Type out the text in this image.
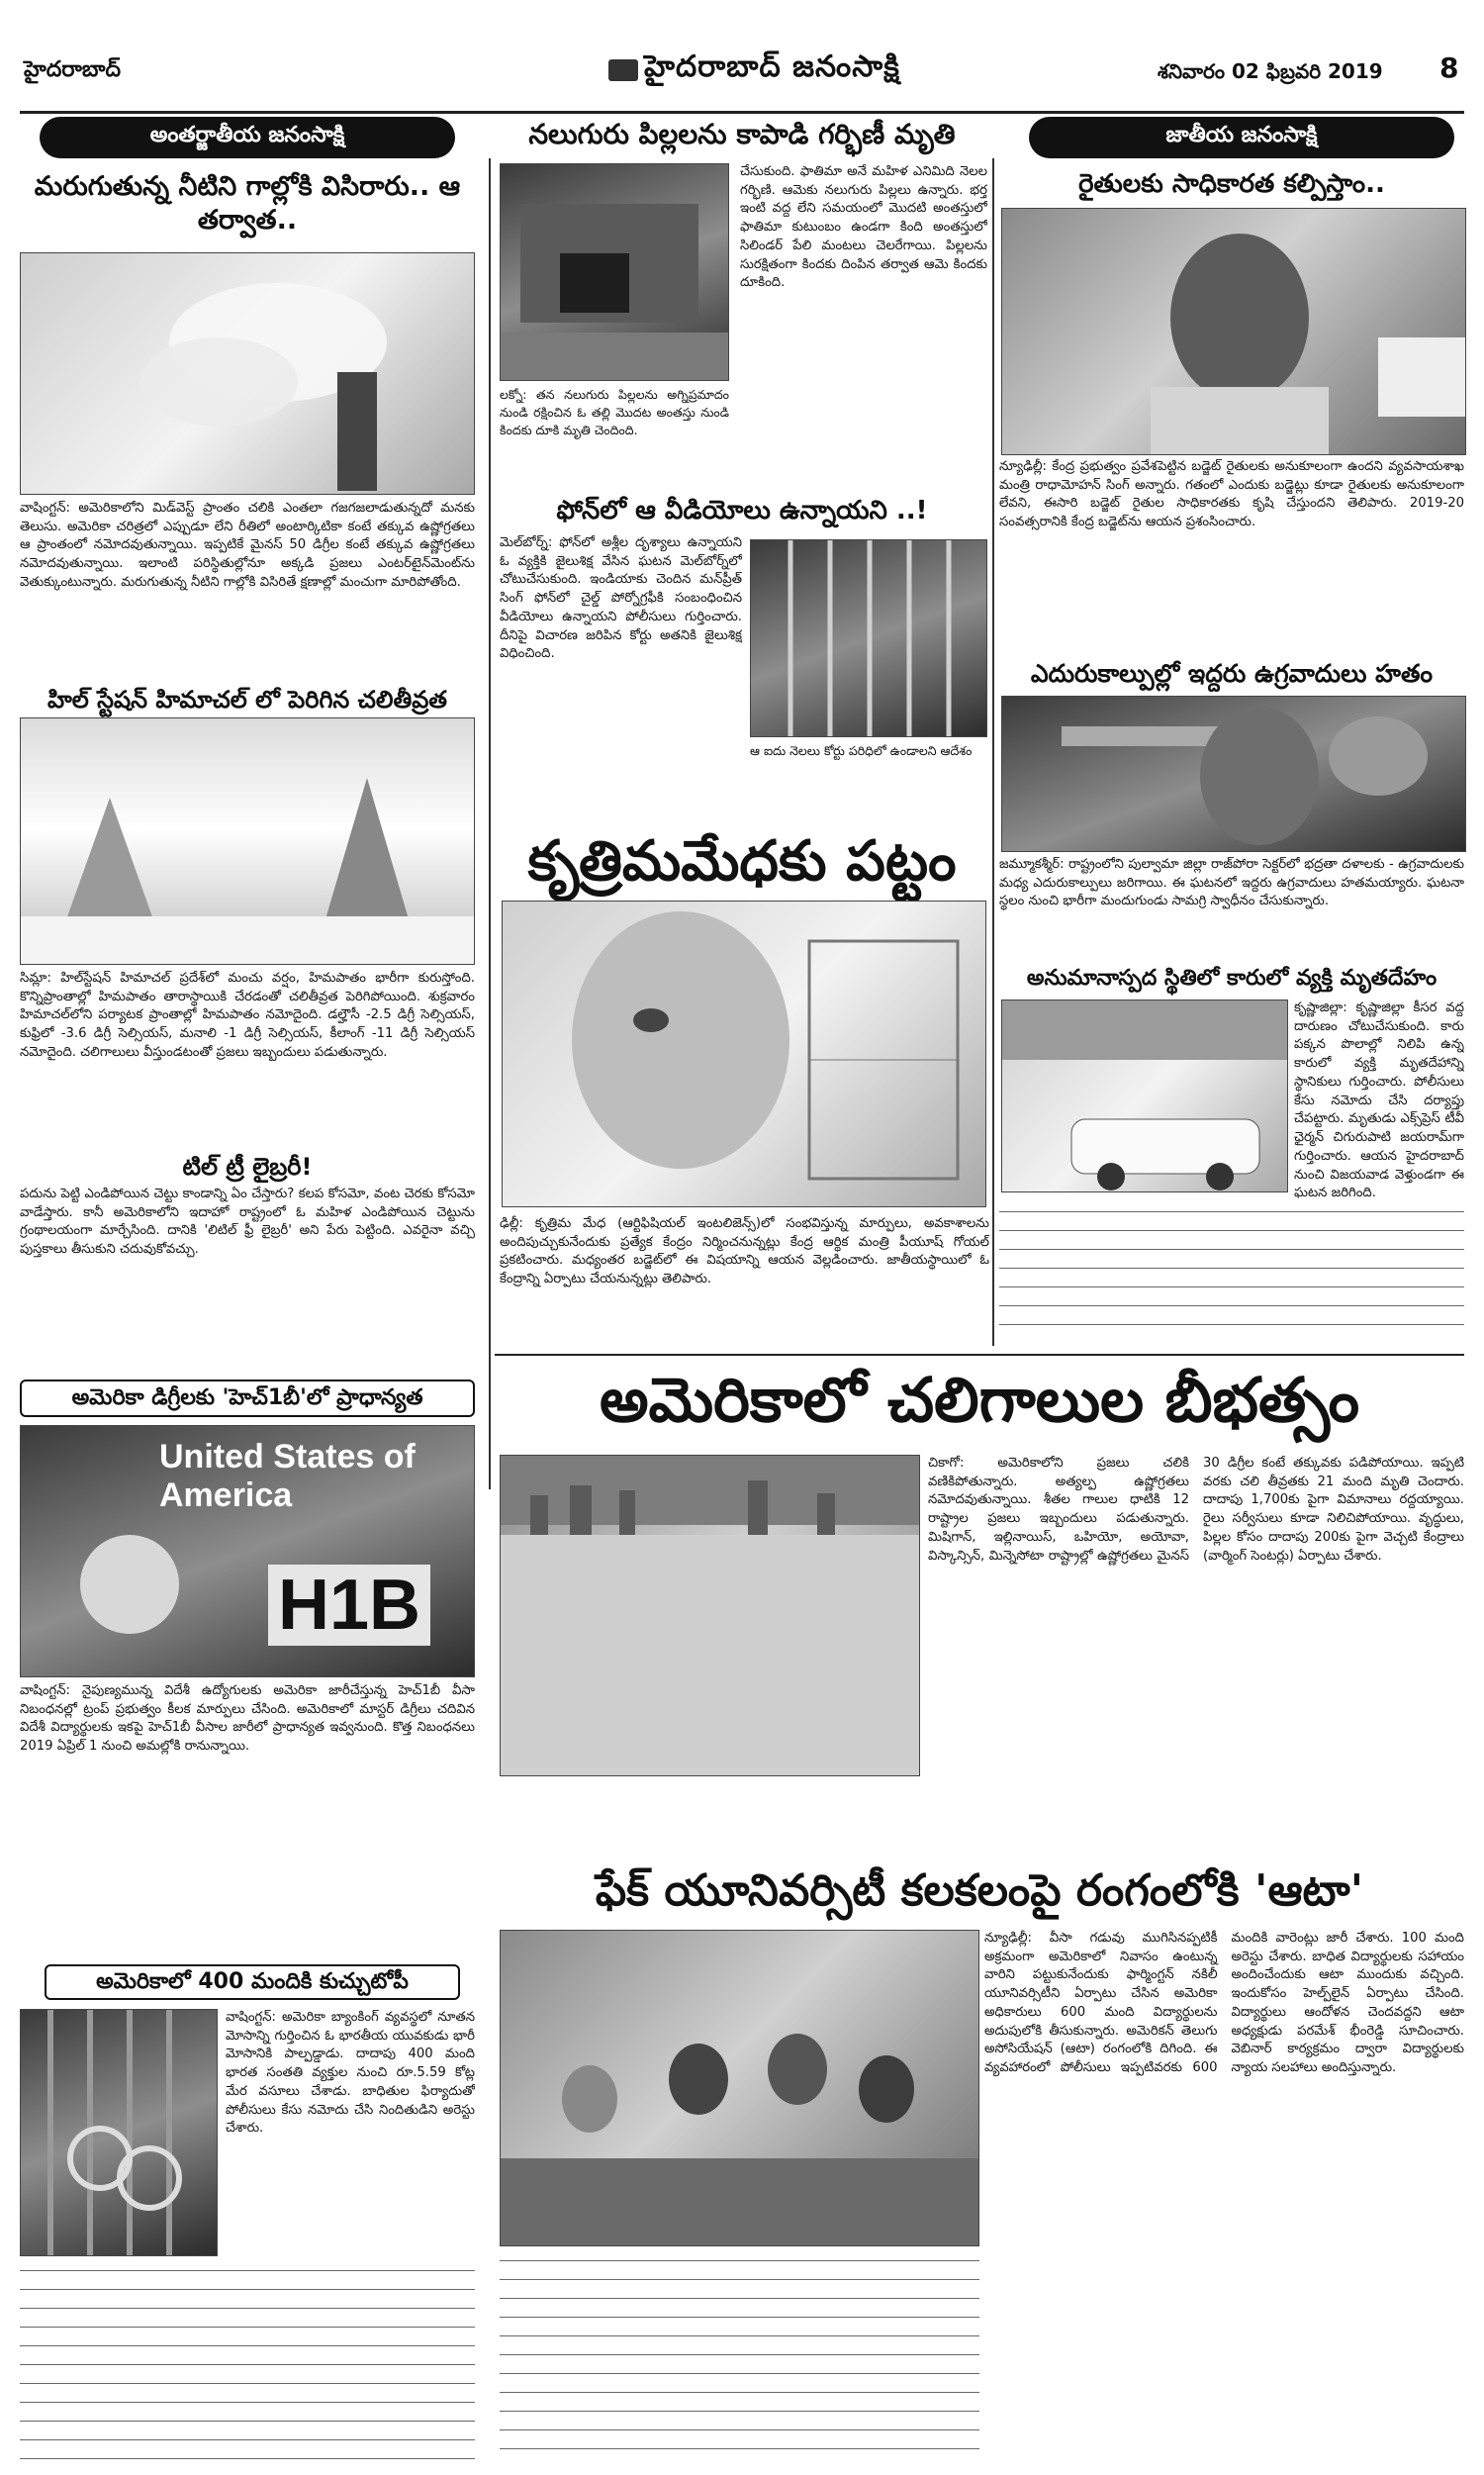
హైదరాబాద్	హైదరాబాద్ జనంసాక్షి	శనివారం 02 ఫిబ్రవరి 2019 8
అంతర్జాతీయ జనంసాక్షి	జాతీయ జనంసాక్షి
మరుగుతున్న నీటిని గాల్లోకి విసిరారు.. ఆ తర్వాత..
వాషింగ్టన్: అమెరికాలోని మిడ్‌వెస్ట్ ప్రాంతం చలికి ఎంతలా గజగజలాడుతున్నదో మనకు తెలుసు. అమెరికా చరిత్రలో ఎప్పుడూ లేని రీతిలో అంటార్కిటికా కంటే తక్కువ ఉష్ణోగ్రతలు ఆ ప్రాంతంలో నమోదవుతున్నాయి. ఇప్పటికే మైనస్ 50 డిగ్రీల కంటే తక్కువ ఉష్ణోగ్రతలు నమోదవుతున్నాయి. ఇలాంటి పరిస్థితుల్లోనూ అక్కడి ప్రజలు ఎంటర్‌టైన్‌మెంట్‌ను వెతుక్కుంటున్నారు. మరుగుతున్న నీటిని గాల్లోకి విసిరితే క్షణాల్లో మంచుగా మారిపోతోంది.
హిల్ స్టేషన్ హిమాచల్ లో పెరిగిన చలితీవ్రత
సిమ్లా: హిల్‌స్టేషన్ హిమాచల్ ప్రదేశ్‌లో మంచు వర్షం, హిమపాతం భారీగా కురుస్తోంది. కొన్నిప్రాంతాల్లో హిమపాతం తారాస్థాయికి చేరడంతో చలితీవ్రత పెరిగిపోయింది. శుక్రవారం హిమాచల్‌లోని పర్యాటక ప్రాంతాల్లో హిమపాతం నమోదైంది. డల్హౌసీ -2.5 డిగ్రీ సెల్సియస్, కుఫ్రిలో -3.6 డిగ్రీ సెల్సియస్, మనాలి -1 డిగ్రీ సెల్సియస్, కీలాంగ్ -11 డిగ్రీ సెల్సియస్ నమోదైంది. చలిగాలులు వీస్తుండటంతో ప్రజలు ఇబ్బందులు పడుతున్నారు.
టిల్ ట్రీ లైబ్రరీ!
పదును పెట్టి ఎండిపోయిన చెట్టు కాండాన్ని ఏం చేస్తారు? కలప కోసమో, వంట చెరకు కోసమో వాడేస్తారు. కానీ అమెరికాలోని ఇదాహో రాష్ట్రంలో ఓ మహిళ ఎండిపోయిన చెట్టును గ్రంథాలయంగా మార్చేసింది. దానికి 'లిటిల్ ఫ్రీ లైబ్రరీ' అని పేరు పెట్టింది. ఎవరైనా వచ్చి పుస్తకాలు తీసుకుని చదువుకోవచ్చు.
అమెరికా డిగ్రీలకు 'హెచ్1బీ'లో ప్రాధాన్యత
United States of America
H1B
వాషింగ్టన్: నైపుణ్యమున్న విదేశీ ఉద్యోగులకు అమెరికా జారీచేస్తున్న హెచ్1బీ వీసా నిబంధనల్లో ట్రంప్ ప్రభుత్వం కీలక మార్పులు చేసింది. అమెరికాలో మాస్టర్ డిగ్రీలు చదివిన విదేశీ విద్యార్థులకు ఇకపై హెచ్1బీ వీసాల జారీలో ప్రాధాన్యత ఇవ్వనుంది. కొత్త నిబంధనలు 2019 ఏప్రిల్ 1 నుంచి అమల్లోకి రానున్నాయి.
అమెరికాలో 400 మందికి కుచ్చుటోపీ
వాషింగ్టన్: అమెరికా బ్యాంకింగ్ వ్యవస్థలో నూతన మోసాన్ని గుర్తించిన ఓ భారతీయ యువకుడు భారీ మోసానికి పాల్పడ్డాడు. దాదాపు 400 మంది భారత సంతతి వ్యక్తుల నుంచి రూ.5.59 కోట్ల మేర వసూలు చేశాడు. బాధితుల ఫిర్యాదుతో పోలీసులు కేసు నమోదు చేసి నిందితుడిని అరెస్టు చేశారు.
నలుగురు పిల్లలను కాపాడి గర్భిణీ మృతి
లక్నో: తన నలుగురు పిల్లలను అగ్నిప్రమాదం నుండి రక్షించిన ఓ తల్లి మొదట అంతస్తు నుండి కిందకు దూకి మృతి చెందింది.
చేసుకుంది. ఫాతిమా అనే మహిళ ఎనిమిది నెలల గర్భిణి. ఆమెకు నలుగురు పిల్లలు ఉన్నారు. భర్త ఇంటి వద్ద లేని సమయంలో మొదటి అంతస్తులో ఫాతిమా కుటుంబం ఉండగా కింది అంతస్తులో సిలిండర్ పేలి మంటలు చెలరేగాయి. పిల్లలను సురక్షితంగా కిందకు దింపిన తర్వాత ఆమె కిందకు దూకింది.
ఫోన్‌లో ఆ వీడియోలు ఉన్నాయని ..!
మెల్‌బోర్న్: ఫోన్‌లో అశ్లీల దృశ్యాలు ఉన్నాయని ఓ వ్యక్తికి జైలుశిక్ష వేసిన ఘటన మెల్‌బోర్న్‌లో చోటుచేసుకుంది. ఇండియాకు చెందిన మన్‌ప్రీత్ సింగ్ ఫోన్‌లో చైల్డ్ పోర్నోగ్రఫీకి సంబంధించిన వీడియోలు ఉన్నాయని పోలీసులు గుర్తించారు. దీనిపై విచారణ జరిపిన కోర్టు అతనికి జైలుశిక్ష విధించింది.
ఆ ఐదు నెలలు కోర్టు పరిధిలో ఉండాలని ఆదేశం
కృత్రిమమేధకు పట్టం
ఢిల్లీ: కృత్రిమ మేధ (ఆర్టిఫిషియల్ ఇంటలిజెన్స్)లో సంభవిస్తున్న మార్పులు, అవకాశాలను అందిపుచ్చుకునేందుకు ప్రత్యేక కేంద్రం నిర్మించనున్నట్లు కేంద్ర ఆర్థిక మంత్రి పీయూష్ గోయల్ ప్రకటించారు. మధ్యంతర బడ్జెట్‌లో ఈ విషయాన్ని ఆయన వెల్లడించారు. జాతీయస్థాయిలో ఓ కేంద్రాన్ని ఏర్పాటు చేయనున్నట్లు తెలిపారు.
రైతులకు సాధికారత కల్పిస్తాం..
న్యూఢిల్లీ: కేంద్ర ప్రభుత్వం ప్రవేశపెట్టిన బడ్జెట్ రైతులకు అనుకూలంగా ఉందని వ్యవసాయశాఖ మంత్రి రాధామోహన్ సింగ్ అన్నారు. గతంలో ఎందుకు బడ్జెట్లు కూడా రైతులకు అనుకూలంగా లేవని, ఈసారి బడ్జెట్ రైతుల సాధికారతకు కృషి చేస్తుందని తెలిపారు. 2019-20 సంవత్సరానికి కేంద్ర బడ్జెట్‌ను ఆయన ప్రశంసించారు.
ఎదురుకాల్పుల్లో ఇద్దరు ఉగ్రవాదులు హతం
జమ్మూకశ్మీర్: రాష్ట్రంలోని పుల్వామా జిల్లా రాజ్‌పోరా సెక్టర్‌లో భద్రతా దళాలకు - ఉగ్రవాదులకు మధ్య ఎదురుకాల్పులు జరిగాయి. ఈ ఘటనలో ఇద్దరు ఉగ్రవాదులు హతమయ్యారు. ఘటనా స్థలం నుంచి భారీగా మందుగుండు సామగ్రి స్వాధీనం చేసుకున్నారు.
అనుమానాస్పద స్థితిలో కారులో వ్యక్తి మృతదేహం
కృష్ణాజిల్లా: కృష్ణాజిల్లా కీసర వద్ద దారుణం చోటుచేసుకుంది. కారు పక్కన పొలాల్లో నిలిపి ఉన్న కారులో వ్యక్తి మృతదేహాన్ని స్థానికులు గుర్తించారు. పోలీసులు కేసు నమోదు చేసి దర్యాప్తు చేపట్టారు. మృతుడు ఎక్స్‌ప్రెస్ టీవీ ఛైర్మన్ చిగురుపాటి జయరామ్‌గా గుర్తించారు. ఆయన హైదరాబాద్ నుంచి విజయవాడ వెళ్తుండగా ఈ ఘటన జరిగింది.
అమెరికాలో చలిగాలుల బీభత్సం
చికాగో: అమెరికాలోని ప్రజలు చలికి వణికిపోతున్నారు. అత్యల్ప ఉష్ణోగ్రతలు నమోదవుతున్నాయి. శీతల గాలుల ధాటికి 12 రాష్ట్రాల ప్రజలు ఇబ్బందులు పడుతున్నారు. మిషిగాన్, ఇల్లినాయిస్, ఒహియో, అయోవా, విస్కాన్సిన్, మిన్నెసోటా రాష్ట్రాల్లో ఉష్ణోగ్రతలు మైనస్ 30 డిగ్రీల కంటే తక్కువకు పడిపోయాయి. ఇప్పటి వరకు చలి తీవ్రతకు 21 మంది మృతి చెందారు. దాదాపు 1,700కు పైగా విమానాలు రద్దయ్యాయి. రైలు సర్వీసులు కూడా నిలిచిపోయాయి. వృద్ధులు, పిల్లల కోసం దాదాపు 200కు పైగా వెచ్చటి కేంద్రాలు (వార్మింగ్ సెంటర్లు) ఏర్పాటు చేశారు.
ఫేక్ యూనివర్సిటీ కలకలంపై రంగంలోకి 'ఆటా'
న్యూఢిల్లీ: వీసా గడువు ముగిసినప్పటికీ అక్రమంగా అమెరికాలో నివాసం ఉంటున్న వారిని పట్టుకునేందుకు ఫార్మింగ్టన్ నకిలీ యూనివర్సిటీని ఏర్పాటు చేసిన అమెరికా అధికారులు 600 మంది విద్యార్థులను అదుపులోకి తీసుకున్నారు. అమెరికన్ తెలుగు అసోసియేషన్ (ఆటా) రంగంలోకి దిగింది. ఈ వ్యవహారంలో పోలీసులు ఇప్పటివరకు 600 మందికి వారెంట్లు జారీ చేశారు. 100 మంది అరెస్టు చేశారు. బాధిత విద్యార్థులకు సహాయం అందించేందుకు ఆటా ముందుకు వచ్చింది. ఇందుకోసం హెల్ప్‌లైన్ ఏర్పాటు చేసింది. విద్యార్థులు ఆందోళన చెందవద్దని ఆటా అధ్యక్షుడు పరమేశ్ భీంరెడ్డి సూచించారు. వెబినార్ కార్యక్రమం ద్వారా విద్యార్థులకు న్యాయ సలహాలు అందిస్తున్నారు.
